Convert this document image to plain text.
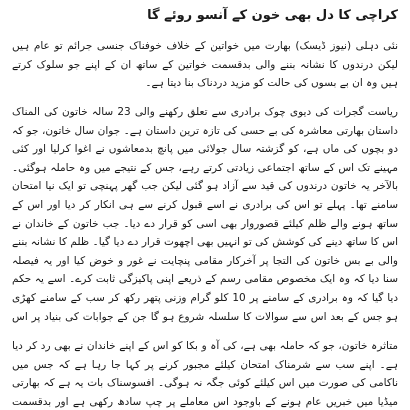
کراچی کا دل بھی خون کے آنسو روئے گا

نئی دہلی (نیوز ڈیسک) بھارت میں خواتین کے خلاف خوفناک جنسی جرائم تو عام ہیں لیکن درندوں کا نشانہ بننے والی بدقسمت خواتین کے ساتھ ان کے اپنے جو سلوک کرتے ہیں وہ ان بے بسوں کی حالت کو مزید دردناک بنا دیتا ہے۔

ریاست گجرات کی دیوی چوک برادری سے تعلق رکھنے والی 23 سالہ خاتون کی المناک داستان بھارتی معاشرہ کی بے حسی کی تازہ ترین داستان ہے۔ جوان سال خاتون، جو کہ دو بچوں کی ماں ہے، کو گزشتہ سال جولائی میں پانچ بدمعاشوں نے اغوا کرلیا اور کئی مہینے تک اس کے ساتھ اجتماعی زیادتی کرتے رہے، جس کے نتیجے میں وہ حاملہ ہوگئی۔ بالآخر یہ خاتون درندوں کی قید سے آزاد ہو گئی لیکن جب گھر پہنچی تو ایک نیا امتحان سامنے تھا۔ پہلے تو اس کی برادری نے اسے قبول کرنے سے ہی انکار کر دیا اور اس کے ساتھ ہونے والے ظلم کیلئے قصوروار بھی اسی کو قرار دے دیا۔ جب خاتون کے خاندان نے اس کا ساتھ دینے کی کوشش کی تو انہیں بھی اچھوت قرار دے دیا گیا۔ ظلم کا نشانہ بننے والی بے بس خاتون کی التجا پر آخرکار مقامی پنچایت نے غور و خوض کیا اور یہ فیصلہ سنا دیا کہ وہ ایک مخصوص مقامی رسم کے ذریعے اپنی پاکیزگی ثابت کرے۔ اسے یہ حکم دیا گیا کہ وہ برادری کے سامنے پر 10 کلو گرام وزنی پتھر رکھ کر سب کے سامنے کھڑی ہو جس کے بعد اس سے سوالات کا سلسلہ شروع ہو گا جن کے جوابات کی بنیاد پر اس

متاثرہ خاتون، جو کہ حاملہ بھی ہے، کی آہ و بکا کو اس کے اپنے خاندان نے بھی رد کر دیا ہے۔ اپنے سب سے شرمناک امتحان کیلئے مجبور کرنے پر کہا جا رہا ہے کہ جس میں ناکامی کی صورت میں اس کیلئے کوئی جگہ نہ ہوگی۔ افسوسناک بات یہ ہے کہ بھارتی میڈیا میں خبریں عام ہونے کے باوجود اس معاملے پر چپ سادھ رکھی ہے اور بدقسمت
